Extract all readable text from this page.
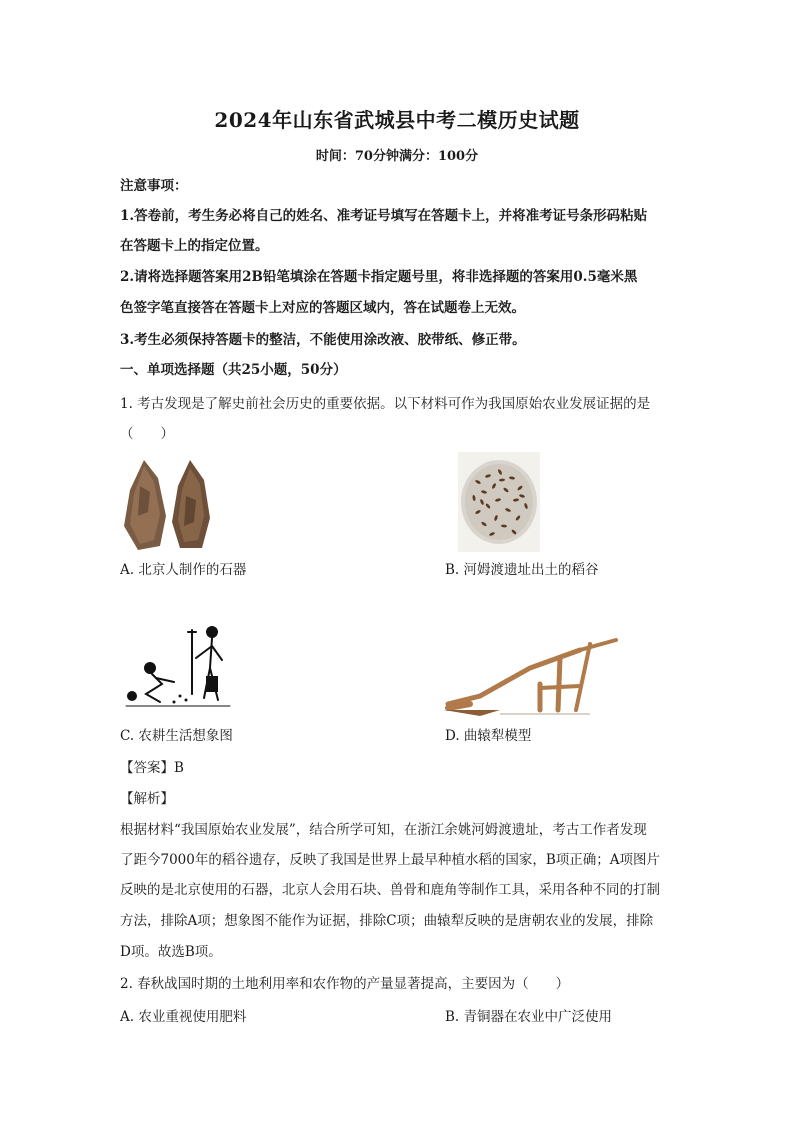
2024年山东省武城县中考二模历史试题
时间：70分钟满分：100分
注意事项：
1.答卷前，考生务必将自己的姓名、准考证号填写在答题卡上，并将准考证号条形码粘贴
在答题卡上的指定位置。
2.请将选择题答案用2B铅笔填涂在答题卡指定题号里，将非选择题的答案用0.5毫米黑
色签字笔直接答在答题卡上对应的答题区域内，答在试题卷上无效。
3.考生必须保持答题卡的整洁，不能使用涂改液、胶带纸、修正带。
一、单项选择题（共25小题，50分）
1. 考古发现是了解史前社会历史的重要依据。以下材料可作为我国原始农业发展证据的是
（　　）
A. 北京人制作的石器	B. 河姆渡遗址出土的稻谷
C. 农耕生活想象图	D. 曲辕犁模型
【答案】B
【解析】
根据材料“我国原始农业发展”，结合所学可知，在浙江余姚河姆渡遗址，考古工作者发现
了距今7000年的稻谷遗存，反映了我国是世界上最早种植水稻的国家，B项正确；A项图片
反映的是北京使用的石器，北京人会用石块、兽骨和鹿角等制作工具，采用各种不同的打制
方法，排除A项；想象图不能作为证据，排除C项；曲辕犁反映的是唐朝农业的发展，排除
D项。故选B项。
2. 春秋战国时期的土地利用率和农作物的产量显著提高，主要因为（　　）
A. 农业重视使用肥料	B. 青铜器在农业中广泛使用
